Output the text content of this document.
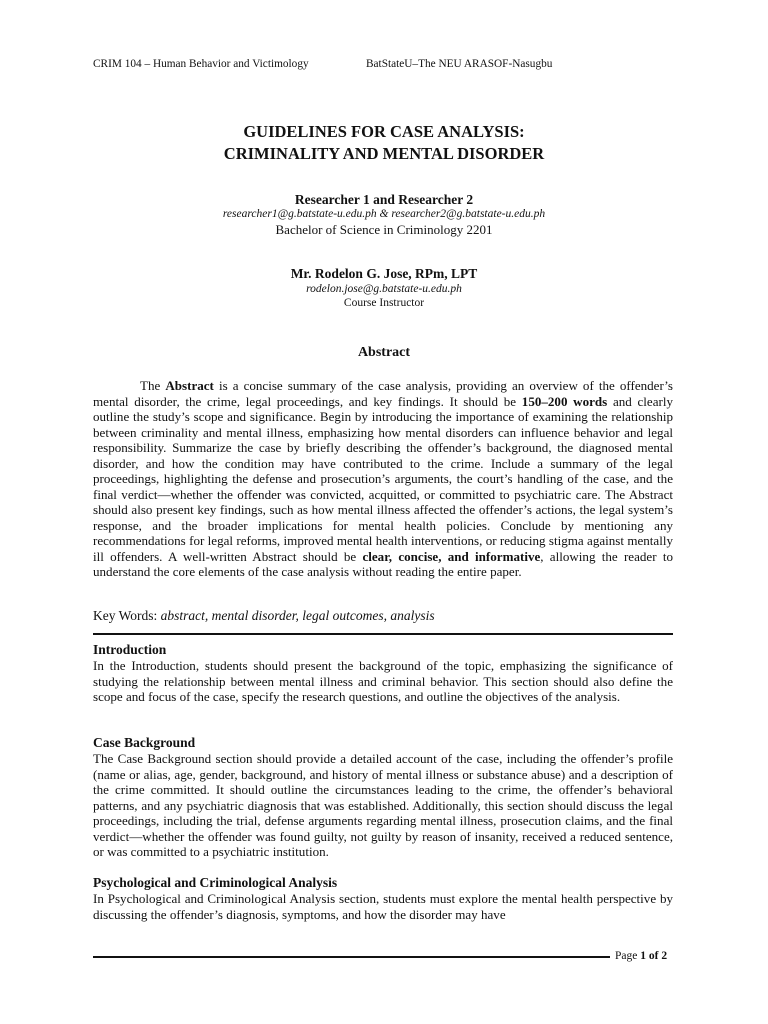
CRIM 104 – Human Behavior and Victimology	BatStateU–The NEU ARASOF-Nasugbu
GUIDELINES FOR CASE ANALYSIS:
CRIMINALITY AND MENTAL DISORDER
Researcher 1 and Researcher 2
researcher1@g.batstate-u.edu.ph & researcher2@g.batstate-u.edu.ph
Bachelor of Science in Criminology 2201
Mr. Rodelon G. Jose, RPm, LPT
rodelon.jose@g.batstate-u.edu.ph
Course Instructor
Abstract

The Abstract is a concise summary of the case analysis, providing an overview of the offender’s mental disorder, the crime, legal proceedings, and key findings. It should be 150–200 words and clearly outline the study’s scope and significance. Begin by introducing the importance of examining the relationship between criminality and mental illness, emphasizing how mental disorders can influence behavior and legal responsibility. Summarize the case by briefly describing the offender’s background, the diagnosed mental disorder, and how the condition may have contributed to the crime. Include a summary of the legal proceedings, highlighting the defense and prosecution’s arguments, the court’s handling of the case, and the final verdict—whether the offender was convicted, acquitted, or committed to psychiatric care. The Abstract should also present key findings, such as how mental illness affected the offender’s actions, the legal system’s response, and the broader implications for mental health policies. Conclude by mentioning any recommendations for legal reforms, improved mental health interventions, or reducing stigma against mentally ill offenders. A well-written Abstract should be clear, concise, and informative, allowing the reader to understand the core elements of the case analysis without reading the entire paper.

Key Words: abstract, mental disorder, legal outcomes, analysis
Introduction
In the Introduction, students should present the background of the topic, emphasizing the significance of studying the relationship between mental illness and criminal behavior. This section should also define the scope and focus of the case, specify the research questions, and outline the objectives of the analysis.
Case Background
The Case Background section should provide a detailed account of the case, including the offender’s profile (name or alias, age, gender, background, and history of mental illness or substance abuse) and a description of the crime committed. It should outline the circumstances leading to the crime, the offender’s behavioral patterns, and any psychiatric diagnosis that was established. Additionally, this section should discuss the legal proceedings, including the trial, defense arguments regarding mental illness, prosecution claims, and the final verdict—whether the offender was found guilty, not guilty by reason of insanity, received a reduced sentence, or was committed to a psychiatric institution.
Psychological and Criminological Analysis
In Psychological and Criminological Analysis section, students must explore the mental health perspective by discussing the offender’s diagnosis, symptoms, and how the disorder may have
Page 1 of 2
